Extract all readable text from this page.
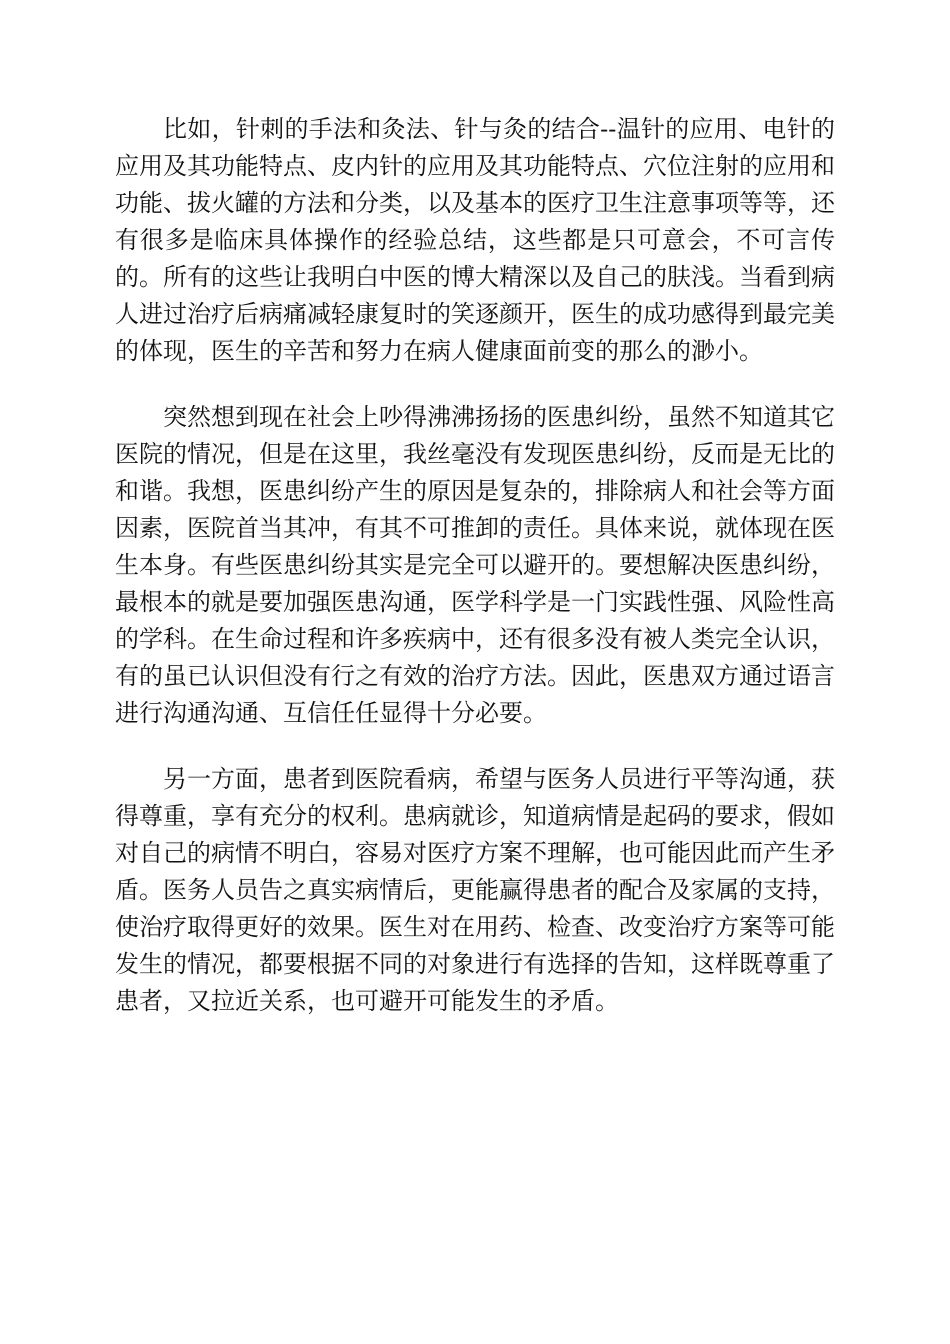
比如，针刺的手法和灸法、针与灸的结合--温针的应用、电针的应用及其功能特点、皮内针的应用及其功能特点、穴位注射的应用和功能、拔火罐的方法和分类，以及基本的医疗卫生注意事项等等，还有很多是临床具体操作的经验总结，这些都是只可意会，不可言传的。所有的这些让我明白中医的博大精深以及自己的肤浅。当看到病人进过治疗后病痛减轻康复时的笑逐颜开，医生的成功感得到最完美的体现，医生的辛苦和努力在病人健康面前变的那么的渺小。

突然想到现在社会上吵得沸沸扬扬的医患纠纷，虽然不知道其它医院的情况，但是在这里，我丝毫没有发现医患纠纷，反而是无比的和谐。我想，医患纠纷产生的原因是复杂的，排除病人和社会等方面因素，医院首当其冲，有其不可推卸的责任。具体来说，就体现在医生本身。有些医患纠纷其实是完全可以避开的。要想解决医患纠纷，最根本的就是要加强医患沟通，医学科学是一门实践性强、风险性高的学科。在生命过程和许多疾病中，还有很多没有被人类完全认识，有的虽已认识但没有行之有效的治疗方法。因此，医患双方通过语言进行沟通沟通、互信任任显得十分必要。

另一方面，患者到医院看病，希望与医务人员进行平等沟通，获得尊重，享有充分的权利。患病就诊，知道病情是起码的要求，假如对自己的病情不明白，容易对医疗方案不理解，也可能因此而产生矛盾。医务人员告之真实病情后，更能赢得患者的配合及家属的支持，使治疗取得更好的效果。医生对在用药、检查、改变治疗方案等可能发生的情况，都要根据不同的对象进行有选择的告知，这样既尊重了患者，又拉近关系，也可避开可能发生的矛盾。
